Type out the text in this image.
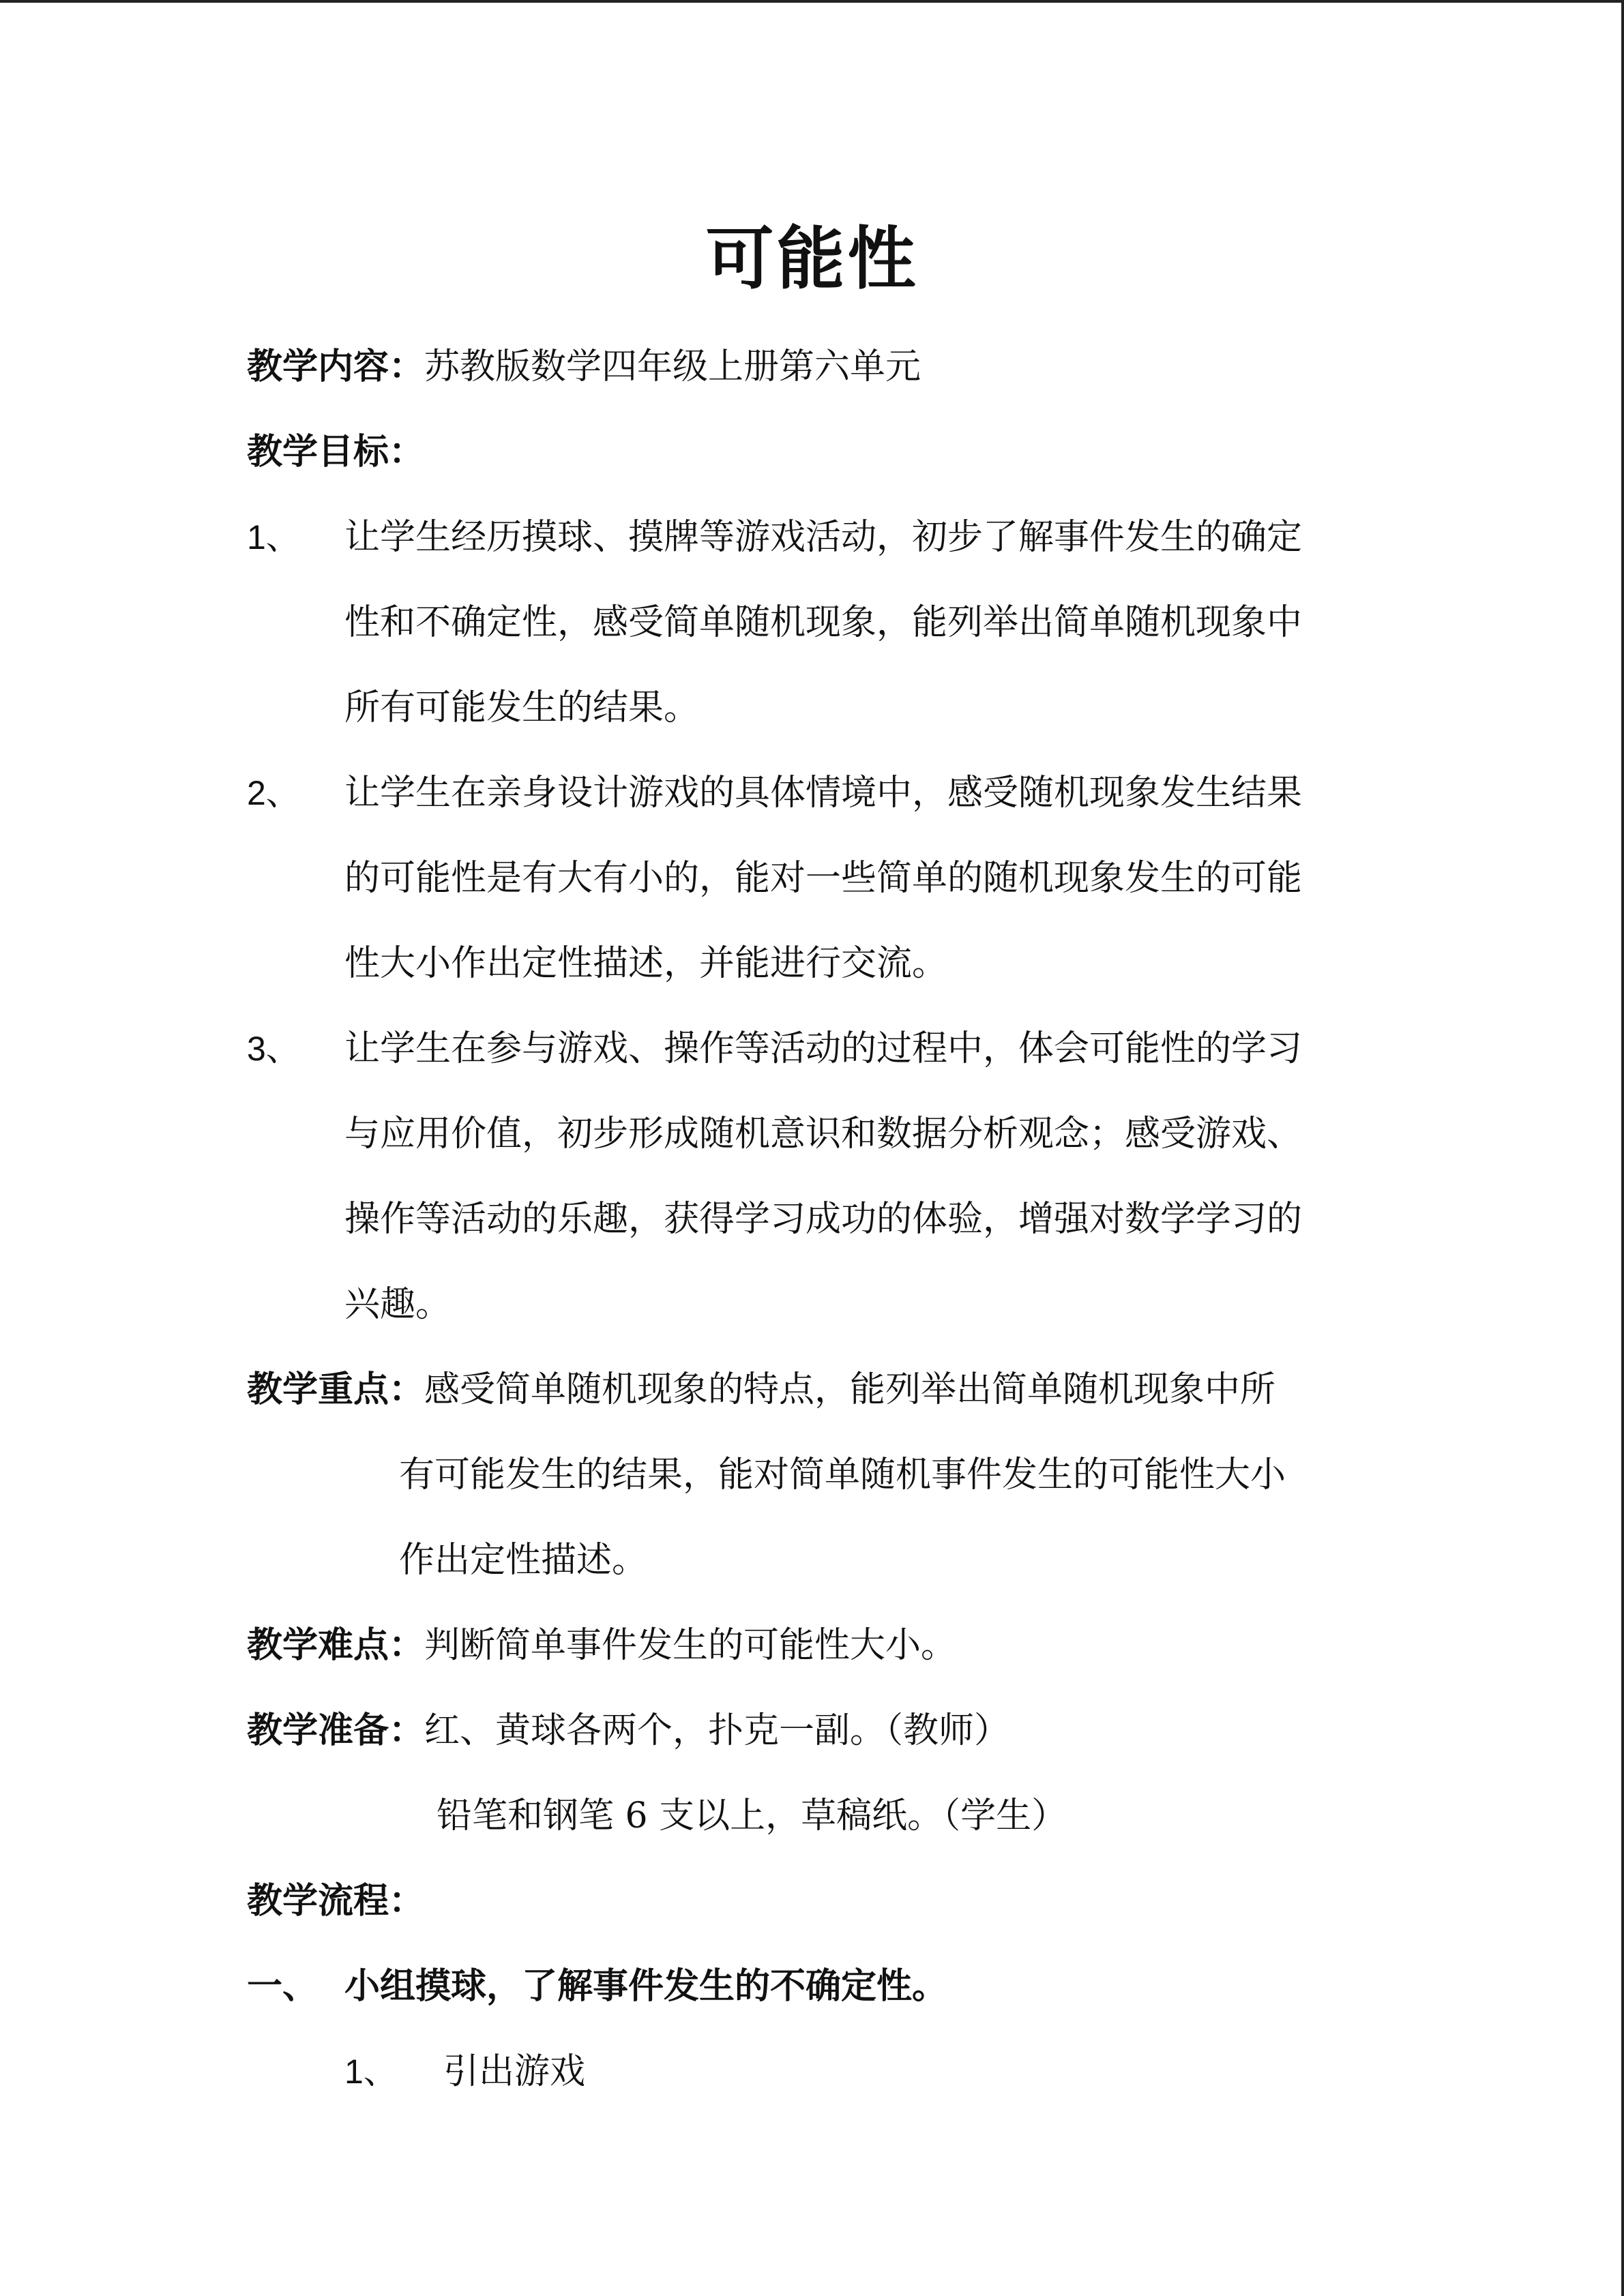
可能性
教学内容：苏教版数学四年级上册第六单元
教学目标：
1、 让学生经历摸球、摸牌等游戏活动，初步了解事件发生的确定
性和不确定性，感受简单随机现象，能列举出简单随机现象中
所有可能发生的结果。
2、 让学生在亲身设计游戏的具体情境中，感受随机现象发生结果
的可能性是有大有小的，能对一些简单的随机现象发生的可能
性大小作出定性描述，并能进行交流。
3、 让学生在参与游戏、操作等活动的过程中，体会可能性的学习
与应用价值，初步形成随机意识和数据分析观念；感受游戏、
操作等活动的乐趣，获得学习成功的体验，增强对数学学习的
兴趣。
教学重点：感受简单随机现象的特点，能列举出简单随机现象中所
有可能发生的结果，能对简单随机事件发生的可能性大小
作出定性描述。
教学难点：判断简单事件发生的可能性大小。
教学准备：红、黄球各两个，扑克一副。（教师）
铅笔和钢笔 6 支以上，草稿纸。（学生）
教学流程：
一、 小组摸球，了解事件发生的不确定性。
1、 引出游戏
